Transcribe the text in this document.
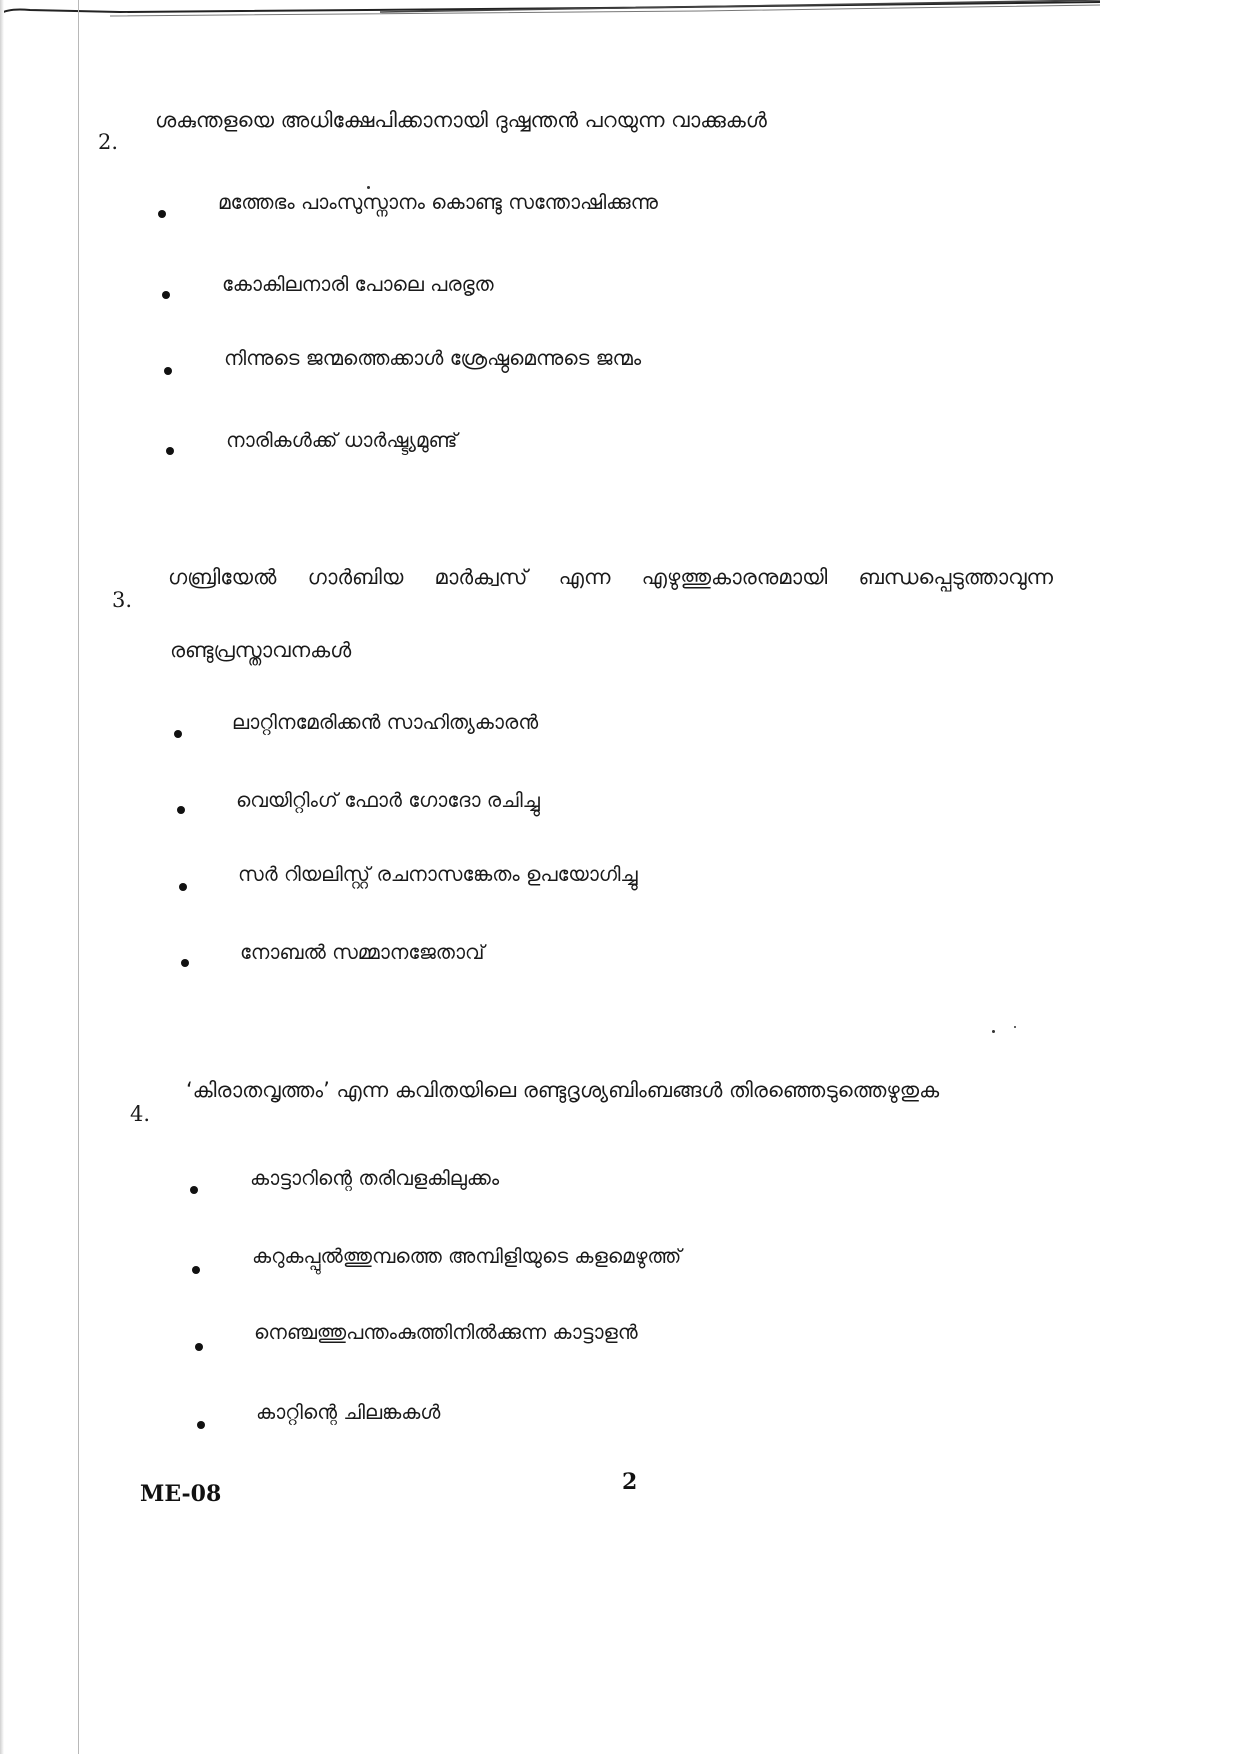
2.
ശകുന്തളയെ അധിക്ഷേപിക്കാനായി ദുഷ്ഷന്തൻ പറയുന്ന വാക്കുകൾ
മത്തേഭം പാംസുസ്നാനം കൊണ്ടു സന്തോഷിക്കുന്നു
കോകിലനാരി പോലെ പരഭൃത
നിന്നുടെ ജന്മത്തെക്കാൾ ശ്രേഷ്ഠമെന്നുടെ ജന്മം
നാരികൾക്ക് ധാർഷ്ട്യമുണ്ട്
3.
ഗബ്രിയേൽ ഗാർബിയ മാർക്വസ് എന്ന എഴുത്തുകാരനുമായി ബന്ധപ്പെടുത്താവുന്ന
രണ്ടുപ്രസ്താവനകൾ
ലാറ്റിനമേരിക്കൻ സാഹിത്യകാരൻ
വെയിറ്റിംഗ് ഫോർ ഗോദോ രചിച്ചു
സർ റിയലിസ്റ്റ് രചനാസങ്കേതം ഉപയോഗിച്ചു
നോബൽ സമ്മാനജേതാവ്
4.
‘കിരാതവൃത്തം’ എന്ന കവിതയിലെ രണ്ടുദൃശ്യബിംബങ്ങൾ തിരഞ്ഞെടുത്തെഴുതുക
കാട്ടാറിന്റെ തരിവളകിലുക്കം
കറുകപ്പുൽത്തുമ്പത്തെ അമ്പിളിയുടെ കളമെഴുത്ത്
നെഞ്ചത്തുപന്തംകുത്തിനിൽക്കുന്ന കാട്ടാളൻ
കാറ്റിന്റെ ചിലങ്കകൾ
ME-08	2
